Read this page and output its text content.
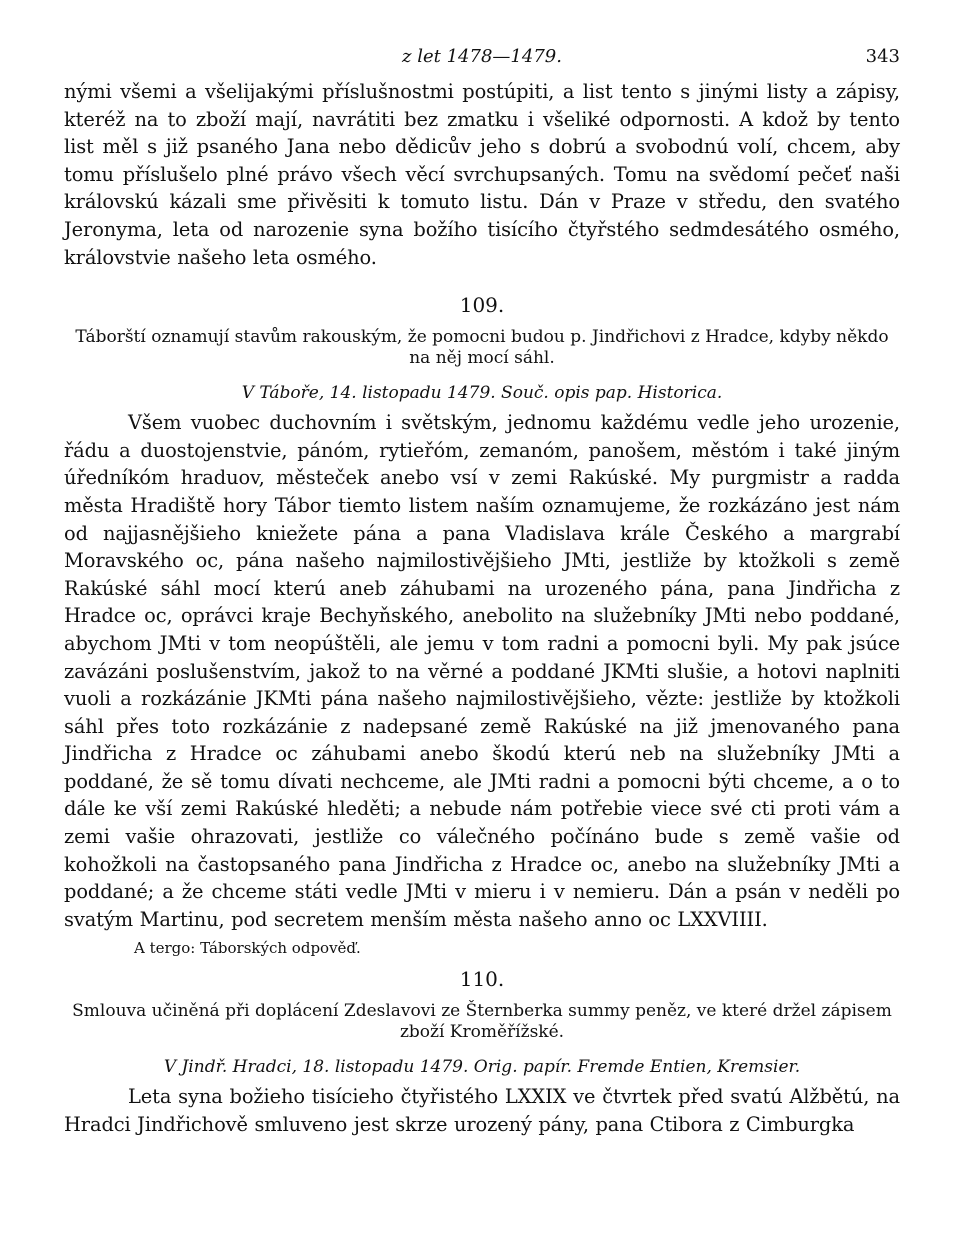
z let 1478—1479.	343

nými všemi a všelijakými příslušnostmi postúpiti, a list tento s jinými listy a zápisy, kteréž na to zboží mají, navrátiti bez zmatku i všeliké odpornosti. A kdož by tento list měl s již psaného Jana nebo dědicův jeho s dobrú a svobodnú volí, chcem, aby tomu příslušelo plné právo všech věcí svrchupsaných. Tomu na svědomí pečeť naši královskú kázali sme přivěsiti k tomuto listu. Dán v Praze v středu, den svatého Jeronyma, leta od narozenie syna božího tisícího čtyřstého sedmdesátého osmého, královstvie našeho leta osmého.

109.

Táborští oznamují stavům rakouským, že pomocni budou p. Jindřichovi z Hradce, kdyby někdo na něj mocí sáhl.

V Táboře, 14. listopadu 1479. Souč. opis pap. Historica.

Všem vuobec duchovním i světským, jednomu každému vedle jeho urozenie, řádu a duostojenstvie, pánóm, rytieřóm, zemanóm, panošem, městóm i také jiným úředníkóm hraduov, městeček anebo vsí v zemi Rakúské. My purgmistr a radda města Hradiště hory Tábor tiemto listem naším oznamujeme, že rozkázáno jest nám od najjasnějšieho kniežete pána a pana Vladislava krále Českého a margrabí Moravského oc, pána našeho najmilostivějšieho JMti, jestliže by ktožkoli s země Rakúské sáhl mocí kterú aneb záhubami na urozeného pána, pana Jindřicha z Hradce oc, oprávci kraje Bechyňského, anebolito na služebníky JMti nebo poddané, abychom JMti v tom neopúštěli, ale jemu v tom radni a pomocni byli. My pak jsúce zavázáni poslušenstvím, jakož to na věrné a poddané JKMti slušie, a hotovi naplniti vuoli a rozkázánie JKMti pána našeho najmilostivějšieho, vězte: jestliže by ktožkoli sáhl přes toto rozkázánie z nadepsané země Rakúské na již jmenovaného pana Jindřicha z Hradce oc záhubami anebo škodú kterú neb na služebníky JMti a poddané, že sě tomu dívati nechceme, ale JMti radni a pomocni býti chceme, a o to dále ke vší zemi Rakúské hleděti; a nebude nám potřebie viece své cti proti vám a zemi vašie ohrazovati, jestliže co válečného počínáno bude s země vašie od kohožkoli na častopsaného pana Jindřicha z Hradce oc, anebo na služebníky JMti a poddané; a že chceme státi vedle JMti v mieru i v nemieru. Dán a psán v neděli po svatým Martinu, pod secretem menším města našeho anno oc LXXVIIII.

A tergo: Táborských odpověď.

110.

Smlouva učiněná při doplácení Zdeslavovi ze Šternberka summy peněz, ve které držel zápisem zboží Kroměřížské.

V Jindř. Hradci, 18. listopadu 1479. Orig. papír. Fremde Entien, Kremsier.

Leta syna božieho tisícieho čtyřistého LXXIX ve čtvrtek před svatú Alžbětú, na Hradci Jindřichově smluveno jest skrze urozený pány, pana Ctibora z Cimburgka
